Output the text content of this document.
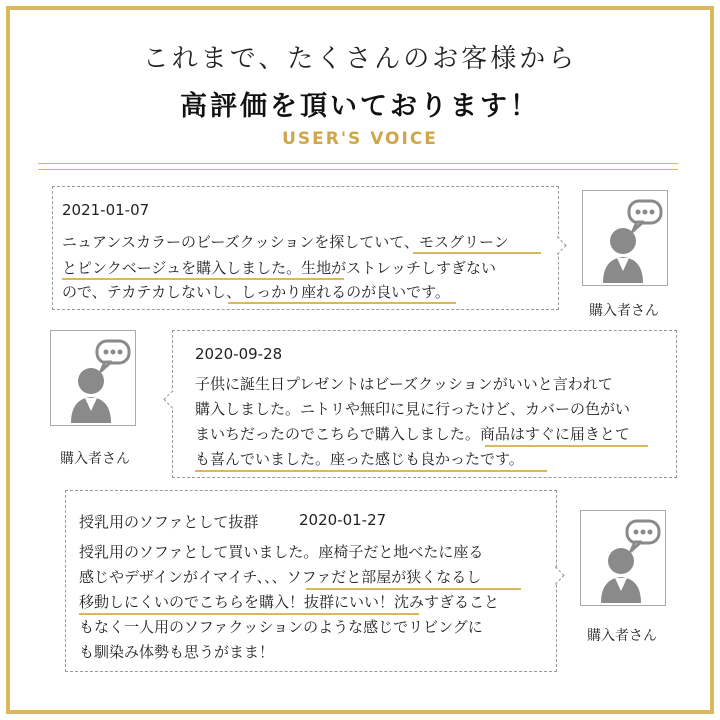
これまで、たくさんのお客様から
高評価を頂いております！
USER'S VOICE
2021-01-07
ニュアンスカラーのビーズクッションを探していて、モスグリーン
とピンクベージュを購入しました。生地がストレッチしすぎない
ので、テカテカしないし、しっかり座れるのが良いです。
購入者さん
購入者さん
2020-09-28
子供に誕生日プレゼントはビーズクッションがいいと言われて
購入しました。ニトリや無印に見に行ったけど、カバーの色がい
まいちだったのでこちらで購入しました。商品はすぐに届きとて
も喜んでいました。座った感じも良かったです。
授乳用のソファとして抜群	2020-01-27
授乳用のソファとして買いました。座椅子だと地べたに座る
感じやデザインがイマイチ、、、ソファだと部屋が狭くなるし
移動しにくいのでこちらを購入！抜群にいい！沈みすぎること
もなく一人用のソファクッションのような感じでリビングに
も馴染み体勢も思うがまま！
購入者さん
